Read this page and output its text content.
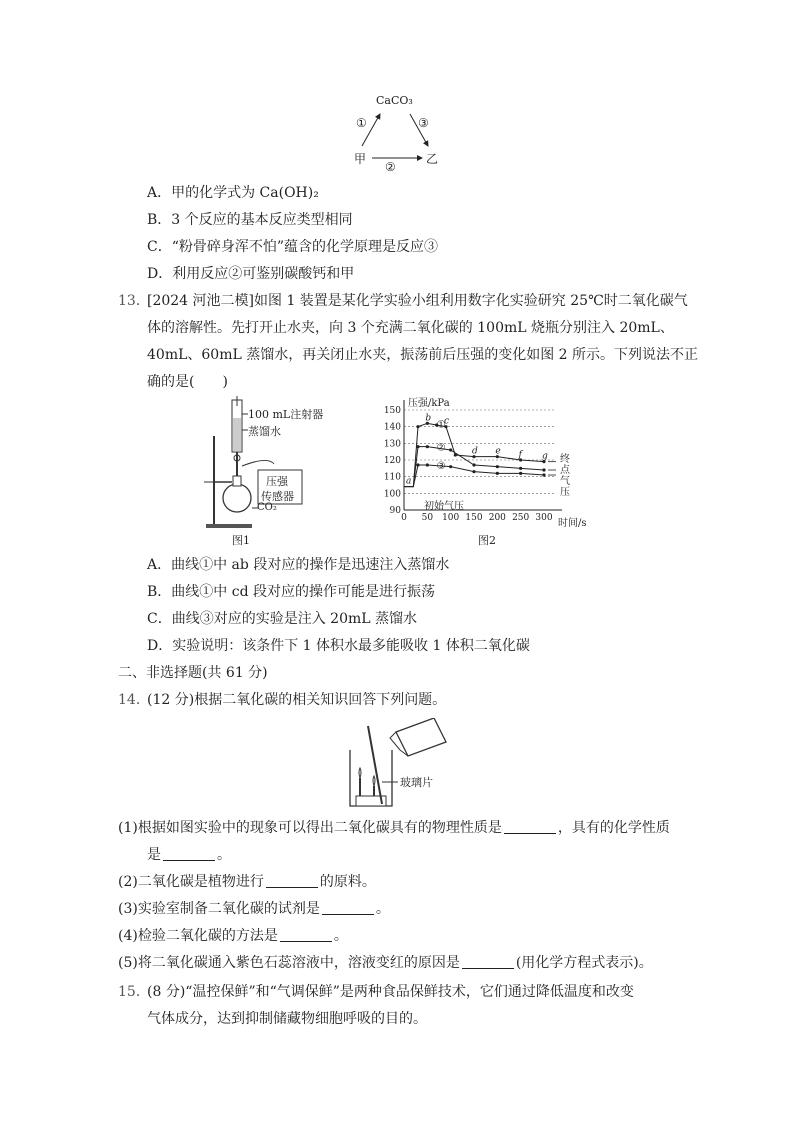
CaCO₃
甲	乙
①	③
②
A．甲的化学式为 Ca(OH)₂
B．3 个反应的基本反应类型相同
C．“粉骨碎身浑不怕”蕴含的化学原理是反应③
D．利用反应②可鉴别碳酸钙和甲
13．
[2024 河池二模]如图 1 装置是某化学实验小组利用数字化实验研究 25℃时二氧化碳气
体的溶解性。先打开止水夹，向 3 个充满二氧化碳的 100mL 烧瓶分别注入 20mL、
40mL、60mL 蒸馏水，再关闭止水夹，振荡前后压强的变化如图 2 所示。下列说法不正
确的是(　　)
100 mL注射器
蒸馏水
压强
传感器
CO₂
图1
0 50 100 150 200 250 300
90
100
110
120
130
140
150
①
②
③
a
b c
d e f g
压强/kPa
时间/s
初始气压
终点气压
图2
A．曲线①中 ab 段对应的操作是迅速注入蒸馏水
B．曲线①中 cd 段对应的操作可能是进行振荡
C．曲线③对应的实验是注入 20mL 蒸馏水
D．实验说明：该条件下 1 体积水最多能吸收 1 体积二氧化碳
二、非选择题(共 61 分)
14．
(12 分)根据二氧化碳的相关知识回答下列问题。
玻璃片
(1)根据如图实验中的现象可以得出二氧化碳具有的物理性质是	，具有的化学性质
是	。
(2)二氧化碳是植物进行	的原料。
(3)实验室制备二氧化碳的试剂是	。
(4)检验二氧化碳的方法是	。
(5)将二氧化碳通入紫色石蕊溶液中，溶液变红的原因是	(用化学方程式表示)。
15．
(8 分)“温控保鲜”和“气调保鲜”是两种食品保鲜技术，它们通过降低温度和改变
气体成分，达到抑制储藏物细胞呼吸的目的。
